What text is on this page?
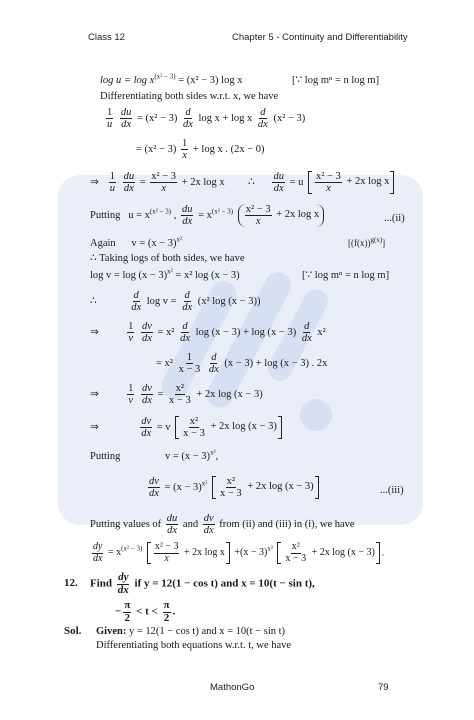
Class 12	Chapter 5 - Continuity and Differentiability
$\log u = \log x^{(x^2 - 3)} = (x^2 - 3)$ log x	[∵ log mⁿ = n log m]
Differentiating both sides w.r.t. x, we have
$\frac{1}{u}$
$\frac{du}{dx} = (x^2 - 3) \frac{d}{dx}$ log x + log x $\frac{d}{dx} (x^2 - 3)$
= $(x^2 - 3) \frac{1}{x} + \log x$ . (2x − 0)
⇒ $\frac{1}{u}$
$\frac{du}{dx} = \frac{\text{x² − 3}}{x} + 2x$ log x ∴ $\frac{du}{dx} = u \frac{\text{x² − 3}}{x} + 2x$ log x
Putting $u = x^{(x^2 - 3)}$ , $\frac{du}{dx} = x^{(x^2 - 3)} \frac{\text{x² − 3}}{x} + 2x$ log x	...(ii)
Again $v = (x - 3)^{x^2}$	$[(f(x))^{g(x)}]$
∴ Taking logs of both sides, we have
$\log v = \log (x - 3)^{x^2} = x^2$ log (x − 3)	[∵ log mⁿ = n log m]
∴	$\frac{d}{dx}$ $\log v = \frac{d}{dx} (x^2$ log (x − 3))
⇒	$\frac{1}{v}$
$\frac{dv}{dx} = x^2 \frac{d}{dx}$ $\log (x - 3) + \log (x - 3) \frac{d}{dx} x^2$
= $x^2 \frac{1}{x - 3}$
$\frac{d}{dx} (x - 3) + \log (x - 3)$ . 2x
⇒	$\frac{1}{v}$
$\frac{dv}{dx} = \frac{\text{x²}}{x - 3} + 2x$ log (x − 3)
⇒	$\frac{dv}{dx} = v \frac{\text{x²}}{x - 3} + 2x$ log (x − 3)
Putting	$v = (x - 3)^{x^2}$,
$\frac{dv}{dx} = (x - 3)^{x^2} \frac{\text{x²}}{x - 3} + 2x$ log (x − 3)	...(iii)
Putting values of $\frac{du}{dx}$ and $\frac{dv}{dx}$ from (ii) and (iii) in (i), we have
$\frac{dy}{dx} = x^{(x^2 - 3)} \frac{\text{x² − 3}}{x} + 2x$ $\log x +(x - 3)^{x^2} \frac{\text{x²}}{x - 3} + 2x$ log (x − 3) .
12. Find $\frac{dy}{dx}$ if y = 12(1 − cos t) and x = 10(t − sin t),
− $\frac{\pi}{2} < t < \frac{\pi}{2}$ .
Sol. Given: y = 12(1 − cos t) and x = 10(t − sin t)
Differentiating both equations w.r.t. t, we have
MathonGo	79
